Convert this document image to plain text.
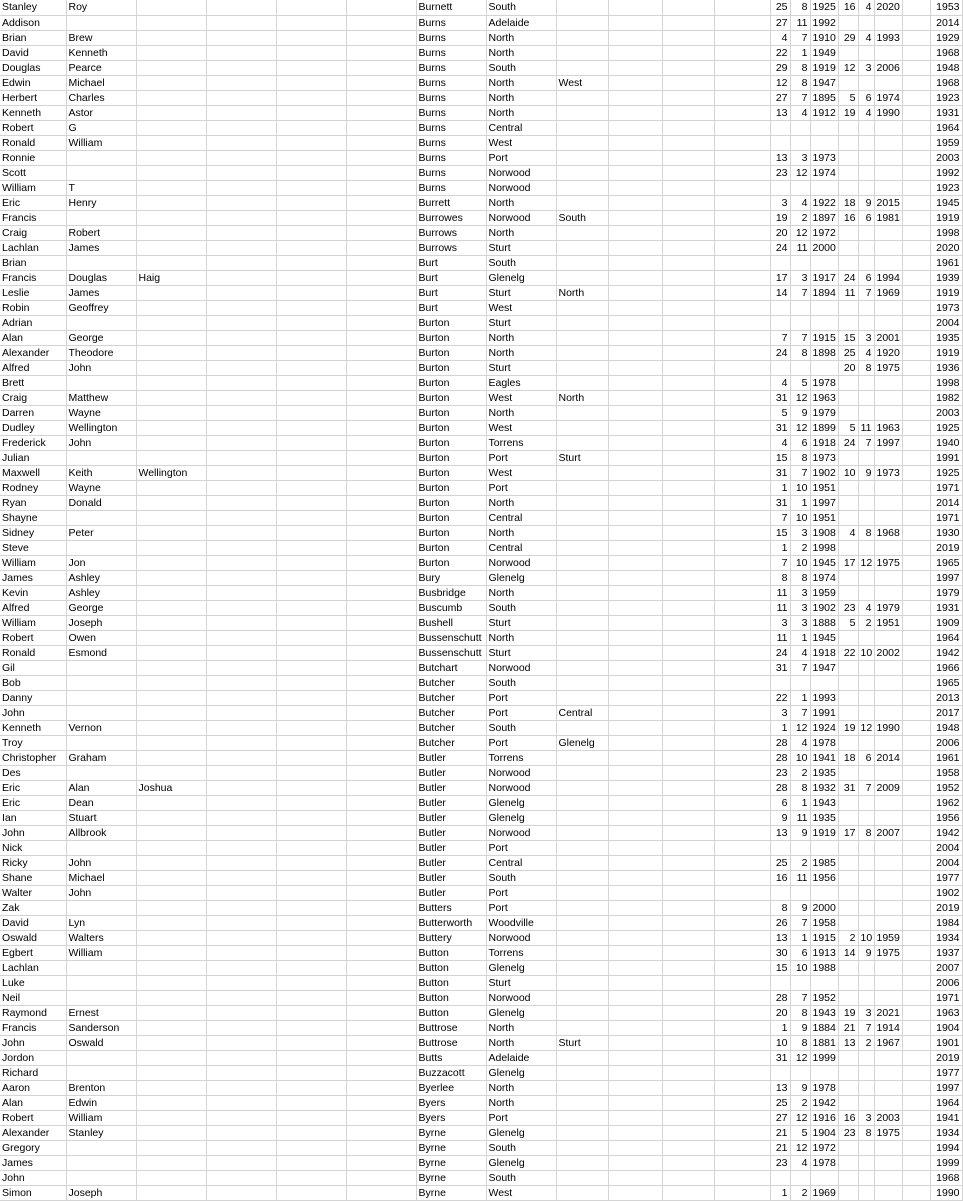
Stanley	Roy					Burnett	South					25	8	1925	16	4	2020		1953
Addison						Burns	Adelaide					27	11	1992					2014
Brian	Brew					Burns	North					4	7	1910	29	4	1993		1929
David	Kenneth					Burns	North					22	1	1949					1968
Douglas	Pearce					Burns	South					29	8	1919	12	3	2006		1948
Edwin	Michael					Burns	North	West				12	8	1947					1968
Herbert	Charles					Burns	North					27	7	1895	5	6	1974		1923
Kenneth	Astor					Burns	North					13	4	1912	19	4	1990		1931
Robert	G					Burns	Central												1964
Ronald	William					Burns	West												1959
Ronnie						Burns	Port					13	3	1973					2003
Scott						Burns	Norwood					23	12	1974					1992
William	T					Burns	Norwood												1923
Eric	Henry					Burrett	North					3	4	1922	18	9	2015		1945
Francis						Burrowes	Norwood	South				19	2	1897	16	6	1981		1919
Craig	Robert					Burrows	North					20	12	1972					1998
Lachlan	James					Burrows	Sturt					24	11	2000					2020
Brian						Burt	South												1961
Francis	Douglas	Haig				Burt	Glenelg					17	3	1917	24	6	1994		1939
Leslie	James					Burt	Sturt	North				14	7	1894	11	7	1969		1919
Robin	Geoffrey					Burt	West												1973
Adrian						Burton	Sturt												2004
Alan	George					Burton	North					7	7	1915	15	3	2001		1935
Alexander	Theodore					Burton	North					24	8	1898	25	4	1920		1919
Alfred	John					Burton	Sturt								20	8	1975		1936
Brett						Burton	Eagles					4	5	1978					1998
Craig	Matthew					Burton	West	North				31	12	1963					1982
Darren	Wayne					Burton	North					5	9	1979					2003
Dudley	Wellington					Burton	West					31	12	1899	5	11	1963		1925
Frederick	John					Burton	Torrens					4	6	1918	24	7	1997		1940
Julian						Burton	Port	Sturt				15	8	1973					1991
Maxwell	Keith	Wellington				Burton	West					31	7	1902	10	9	1973		1925
Rodney	Wayne					Burton	Port					1	10	1951					1971
Ryan	Donald					Burton	North					31	1	1997					2014
Shayne						Burton	Central					7	10	1951					1971
Sidney	Peter					Burton	North					15	3	1908	4	8	1968		1930
Steve						Burton	Central					1	2	1998					2019
William	Jon					Burton	Norwood					7	10	1945	17	12	1975		1965
James	Ashley					Bury	Glenelg					8	8	1974					1997
Kevin	Ashley					Busbridge	North					11	3	1959					1979
Alfred	George					Buscumb	South					11	3	1902	23	4	1979		1931
William	Joseph					Bushell	Sturt					3	3	1888	5	2	1951		1909
Robert	Owen					Bussenschutt	North					11	1	1945					1964
Ronald	Esmond					Bussenschutt	Sturt					24	4	1918	22	10	2002		1942
Gil						Butchart	Norwood					31	7	1947					1966
Bob						Butcher	South												1965
Danny						Butcher	Port					22	1	1993					2013
John						Butcher	Port	Central				3	7	1991					2017
Kenneth	Vernon					Butcher	South					1	12	1924	19	12	1990		1948
Troy						Butcher	Port	Glenelg				28	4	1978					2006
Christopher	Graham					Butler	Torrens					28	10	1941	18	6	2014		1961
Des						Butler	Norwood					23	2	1935					1958
Eric	Alan	Joshua				Butler	Norwood					28	8	1932	31	7	2009		1952
Eric	Dean					Butler	Glenelg					6	1	1943					1962
Ian	Stuart					Butler	Glenelg					9	11	1935					1956
John	Allbrook					Butler	Norwood					13	9	1919	17	8	2007		1942
Nick						Butler	Port												2004
Ricky	John					Butler	Central					25	2	1985					2004
Shane	Michael					Butler	South					16	11	1956					1977
Walter	John					Butler	Port												1902
Zak						Butters	Port					8	9	2000					2019
David	Lyn					Butterworth	Woodville					26	7	1958					1984
Oswald	Walters					Buttery	Norwood					13	1	1915	2	10	1959		1934
Egbert	William					Button	Torrens					30	6	1913	14	9	1975		1937
Lachlan						Button	Glenelg					15	10	1988					2007
Luke						Button	Sturt												2006
Neil						Button	Norwood					28	7	1952					1971
Raymond	Ernest					Button	Glenelg					20	8	1943	19	3	2021		1963
Francis	Sanderson					Buttrose	North					1	9	1884	21	7	1914		1904
John	Oswald					Buttrose	North	Sturt				10	8	1881	13	2	1967		1901
Jordon						Butts	Adelaide					31	12	1999					2019
Richard						Buzzacott	Glenelg												1977
Aaron	Brenton					Byerlee	North					13	9	1978					1997
Alan	Edwin					Byers	North					25	2	1942					1964
Robert	William					Byers	Port					27	12	1916	16	3	2003		1941
Alexander	Stanley					Byrne	Glenelg					21	5	1904	23	8	1975		1934
Gregory						Byrne	South					21	12	1972					1994
James						Byrne	Glenelg					23	4	1978					1999
John						Byrne	South												1968
Simon	Joseph					Byrne	West					1	2	1969					1990
